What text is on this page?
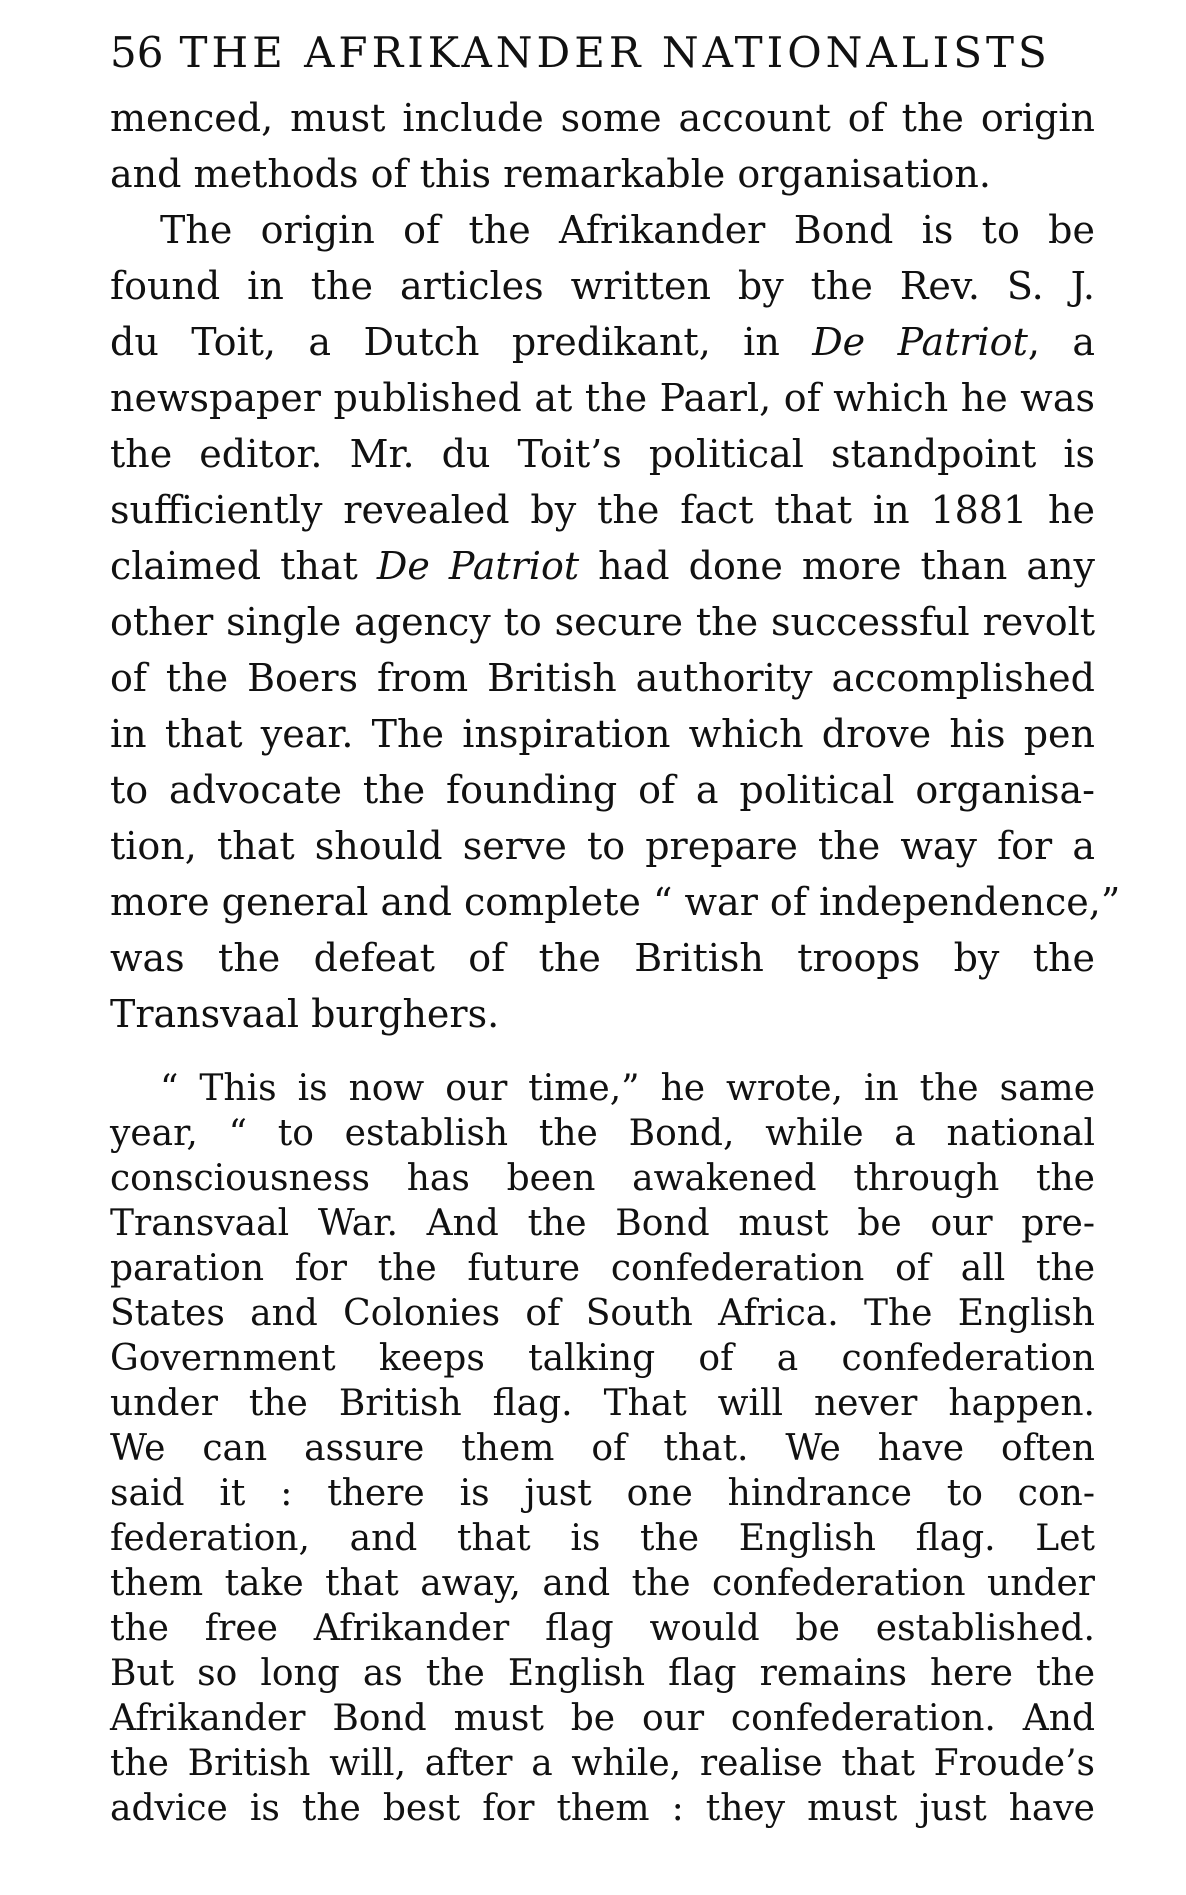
56 THE AFRIKANDER NATIONALISTS
menced, must include some account of the origin
and methods of this remarkable organisation.
The origin of the Afrikander Bond is to be
found in the articles written by the Rev. S. J.
du Toit, a Dutch predikant, in De Patriot, a
newspaper published at the Paarl, of which he was
the editor. Mr. du Toit’s political standpoint is
sufficiently revealed by the fact that in 1881 he
claimed that De Patriot had done more than any
other single agency to secure the successful revolt
of the Boers from British authority accomplished
in that year. The inspiration which drove his pen
to advocate the founding of a political organisa-
tion, that should serve to prepare the way for a
more general and complete “ war of independence,”
was the defeat of the British troops by the
Transvaal burghers.
“ This is now our time,” he wrote, in the same
year, “ to establish the Bond, while a national
consciousness has been awakened through the
Transvaal War. And the Bond must be our pre-
paration for the future confederation of all the
States and Colonies of South Africa. The English
Government keeps talking of a confederation
under the British flag. That will never happen.
We can assure them of that. We have often
said it : there is just one hindrance to con-
federation, and that is the English flag. Let
them take that away, and the confederation under
the free Afrikander flag would be established.
But so long as the English flag remains here the
Afrikander Bond must be our confederation. And
the British will, after a while, realise that Froude’s
advice is the best for them : they must just have
